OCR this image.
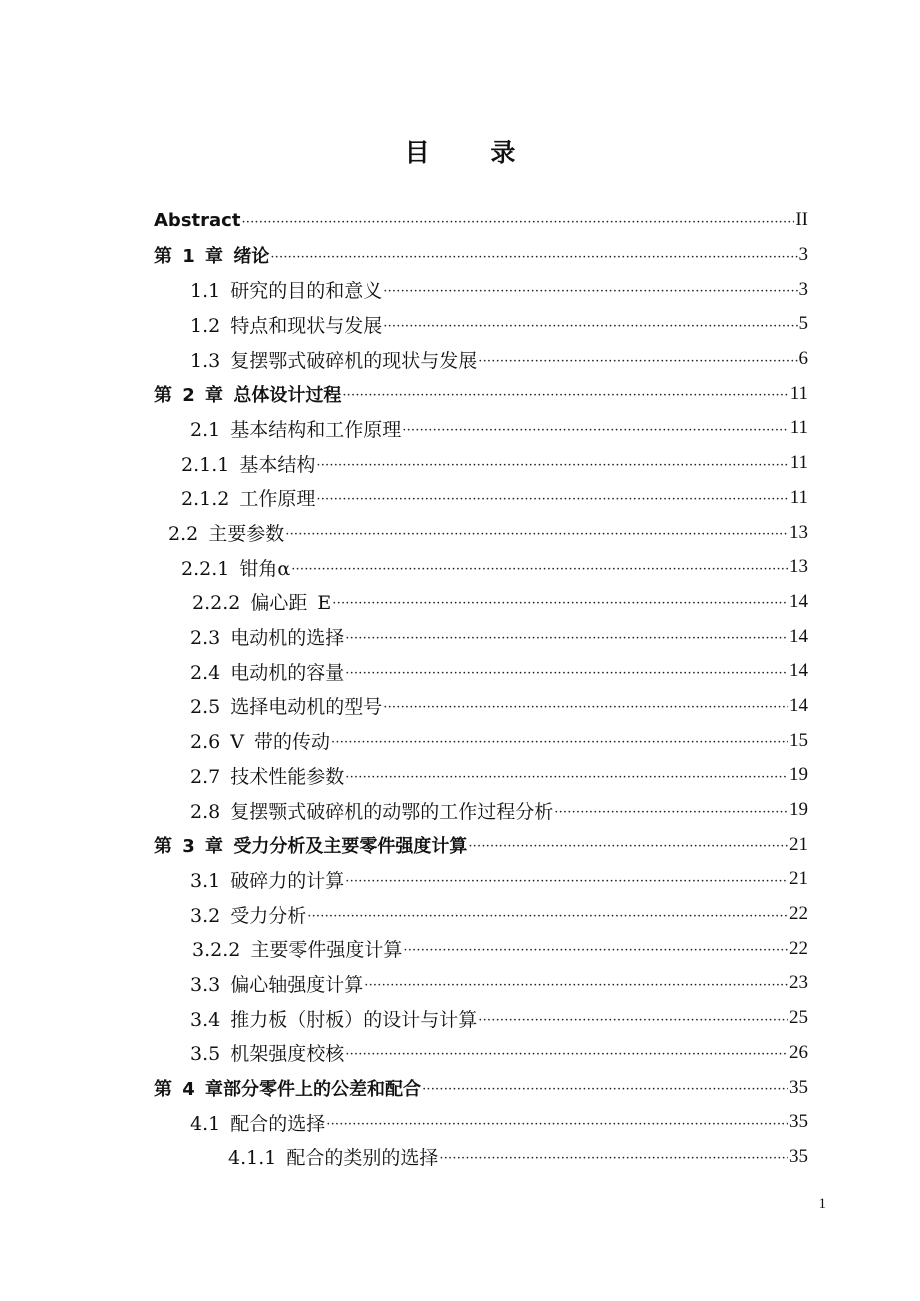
目 录
Abstract ·····	II
第 1 章 绪论 ·····	3
1.1 研究的目的和意义 ·····	3
1.2 特点和现状与发展 ·····	5
1.3 复摆鄂式破碎机的现状与发展 ·····	6
第 2 章 总体设计过程 ·····	11
2.1 基本结构和工作原理 ·····	11
2.1.1 基本结构 ·····	11
2.1.2 工作原理 ·····	11
2.2 主要参数 ·····	13
2.2.1 钳角α ·····	13
2.2.2 偏心距 E ·····	14
2.3 电动机的选择 ·····	14
2.4 电动机的容量 ·····	14
2.5 选择电动机的型号 ·····	14
2.6 V 带的传动 ·····	15
2.7 技术性能参数 ·····	19
2.8 复摆颚式破碎机的动鄂的工作过程分析 ·····	19
第 3 章 受力分析及主要零件强度计算 ·····	21
3.1 破碎力的计算 ·····	21
3.2 受力分析 ·····	22
3.2.2 主要零件强度计算 ·····	22
3.3 偏心轴强度计算 ·····	23
3.4 推力板（肘板）的设计与计算 ·····	25
3.5 机架强度校核 ·····	26
第 4 章部分零件上的公差和配合 ·····	35
4.1 配合的选择 ·····	35
4.1.1 配合的类别的选择 ·····	35
1
